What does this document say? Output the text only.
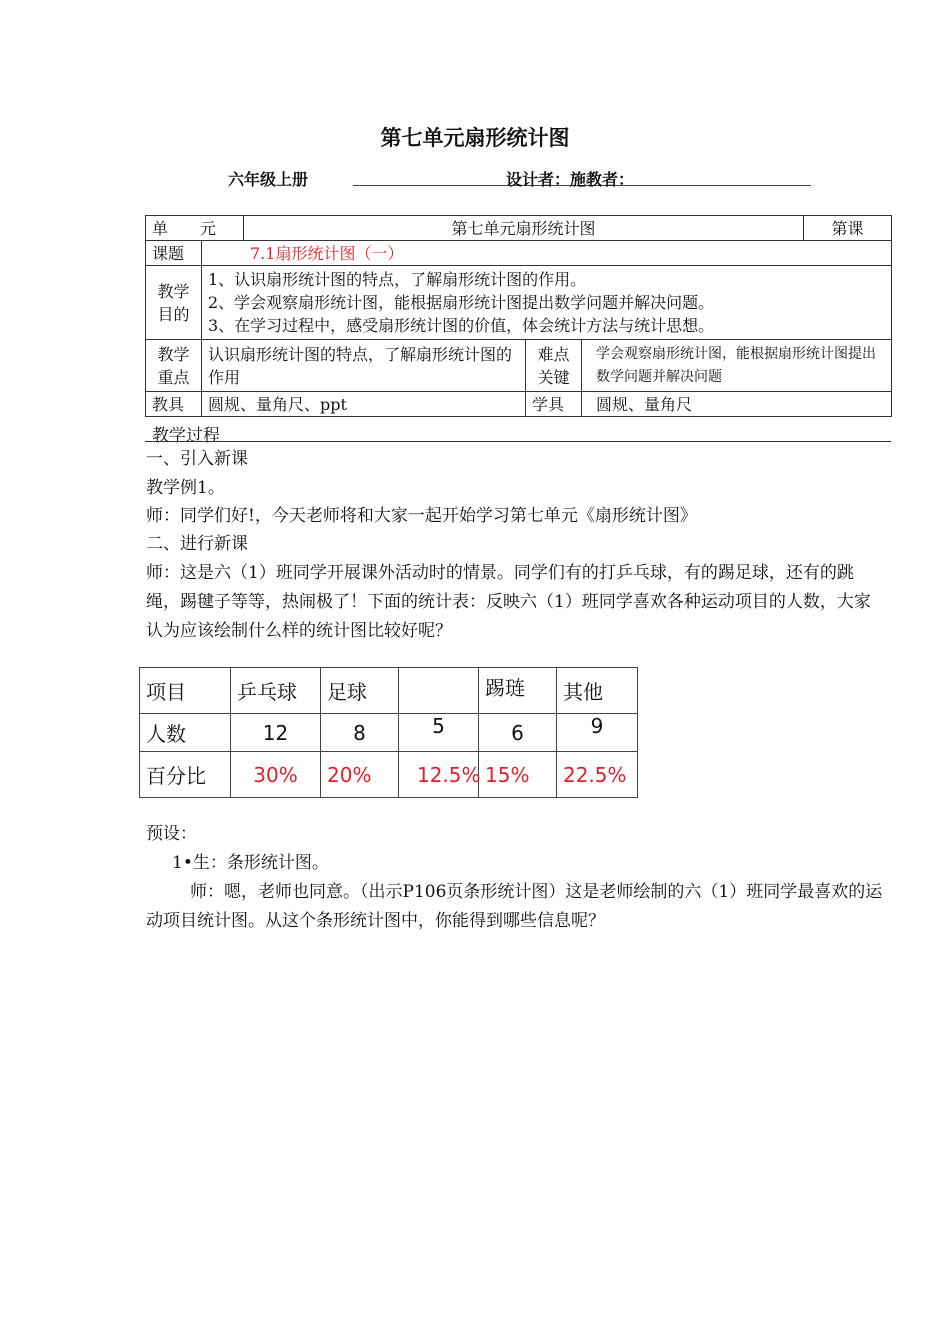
第七单元扇形统计图
六年级上册	设计者：施教者：
单　　元		第七单元扇形统计图			第课
课题	7.1扇形统计图（一）				
教学目的	1、认识扇形统计图的特点，了解扇形统计图的作用。
2、学会观察扇形统计图，能根据扇形统计图提出数学问题并解决问题。
3、在学习过程中，感受扇形统计图的价值，体会统计方法与统计思想。				

教学重点	认识扇形统计图的特点，了解扇形统计图的作用		难点关键	学会观察扇形统计图，能根据扇形统计图提出数学问题并解决问题	
教具	圆规、量角尺、ppt		学具	圆规、量角尺	
教学过程
一、引入新课
教学例1。
师：同学们好!，今天老师将和大家一起开始学习第七单元《扇形统计图》
二、进行新课
师：这是六（1）班同学开展课外活动时的情景。同学们有的打乒乓球，有的踢足球，还有的跳绳，踢毽子等等，热闹极了！下面的统计表：反映六（1）班同学喜欢各种运动项目的人数，大家认为应该绘制什么样的统计图比较好呢？
项目	乒乓球	足球		踢琏	其他
人数	12	8	5	6	9
百分比	30%	20%	12.5%	15%	22.5%
预设：
1•生：条形统计图。
师：嗯，老师也同意。（出示P106页条形统计图）这是老师绘制的六（1）班同学最喜欢的运动项目统计图。从这个条形统计图中，你能得到哪些信息呢？
